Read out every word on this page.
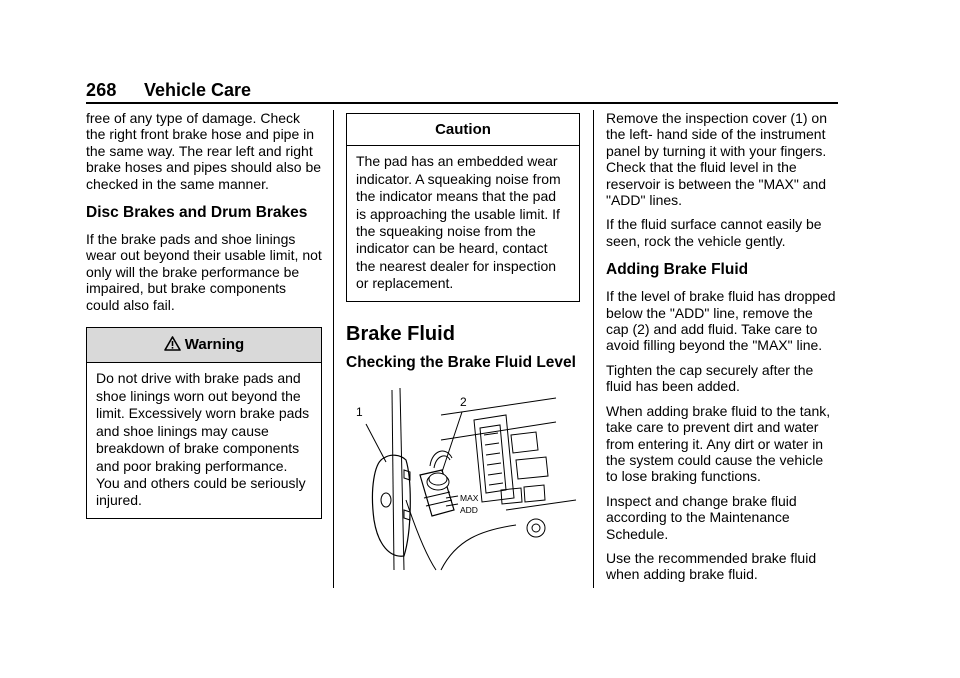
268 Vehicle Care

free of any type of damage. Check the right front brake hose and pipe in the same way. The rear left and right brake hoses and pipes should also be checked in the same manner.

Disc Brakes and Drum Brakes

If the brake pads and shoe linings wear out beyond their usable limit, not only will the brake performance be impaired, but brake components could also fail.

Warning
Do not drive with brake pads and shoe linings worn out beyond the limit. Excessively worn brake pads and shoe linings may cause breakdown of brake components and poor braking performance. You and others could be seriously injured.
Caution
The pad has an embedded wear indicator. A squeaking noise from the indicator means that the pad is approaching the usable limit. If the squeaking noise from the indicator can be heard, contact the nearest dealer for inspection or replacement.
Brake Fluid
Checking the Brake Fluid Level
1
2
MAX
ADD

Remove the inspection cover (1) on the left- hand side of the instrument panel by turning it with your fingers. Check that the fluid level in the reservoir is between the "MAX" and "ADD" lines.

If the fluid surface cannot easily be seen, rock the vehicle gently.

Adding Brake Fluid

If the level of brake fluid has dropped below the "ADD" line, remove the cap (2) and add fluid. Take care to avoid filling beyond the "MAX" line.

Tighten the cap securely after the fluid has been added.

When adding brake fluid to the tank, take care to prevent dirt and water from entering it. Any dirt or water in the system could cause the vehicle to lose braking functions.

Inspect and change brake fluid according to the Maintenance Schedule.

Use the recommended brake fluid when adding brake fluid.
